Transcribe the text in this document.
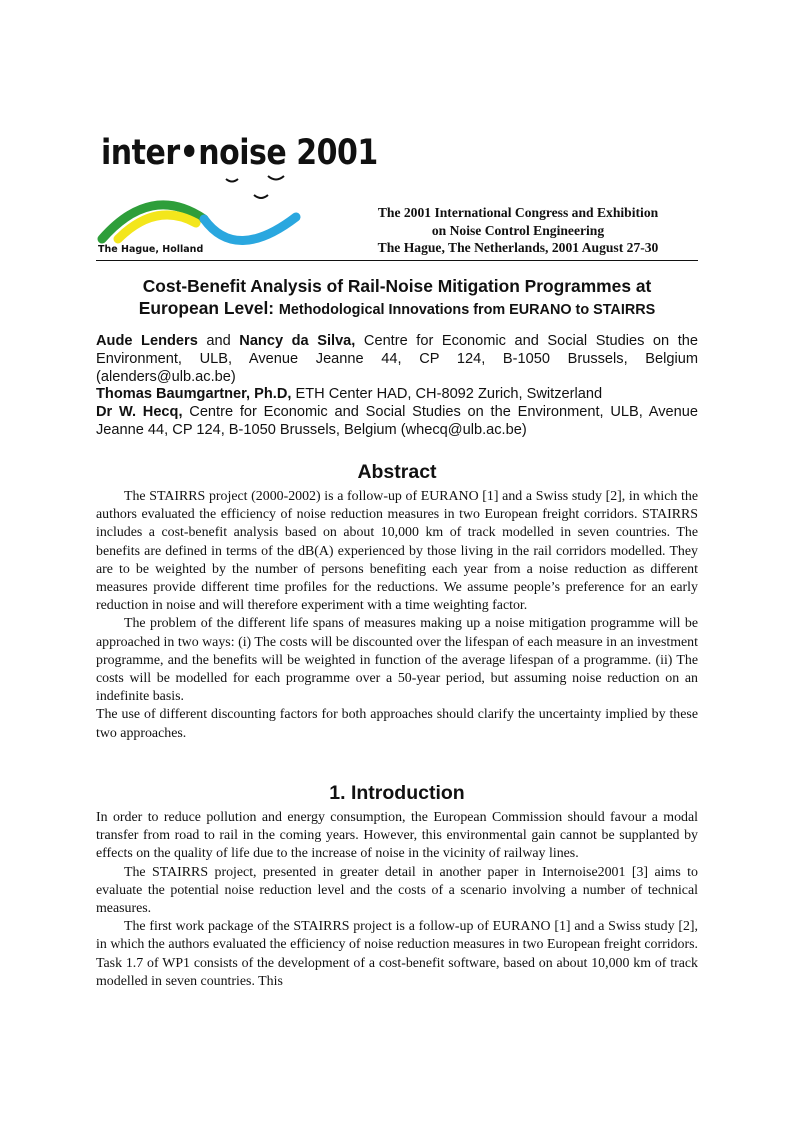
inter•noise 2001
The Hague, Holland
The 2001 International Congress and Exhibition
on Noise Control Engineering
The Hague, The Netherlands, 2001 August 27-30
Cost-Benefit Analysis of Rail-Noise Mitigation Programmes at
European Level: Methodological Innovations from EURANO to STAIRRS

Aude Lenders and Nancy da Silva, Centre for Economic and Social Studies on the Environment, ULB, Avenue Jeanne 44, CP 124, B-1050 Brussels, Belgium (alenders@ulb.ac.be)

Thomas Baumgartner, Ph.D, ETH Center HAD, CH-8092 Zurich, Switzerland

Dr W. Hecq, Centre for Economic and Social Studies on the Environment, ULB, Avenue Jeanne 44, CP 124, B-1050 Brussels, Belgium (whecq@ulb.ac.be)

Abstract

The STAIRRS project (2000-2002) is a follow-up of EURANO [1] and a Swiss study [2], in which the authors evaluated the efficiency of noise reduction measures in two European freight corridors. STAIRRS includes a cost-benefit analysis based on about 10,000 km of track modelled in seven countries. The benefits are defined in terms of the dB(A) experienced by those living in the rail corridors modelled. They are to be weighted by the number of persons benefiting each year from a noise reduction as different measures provide different time profiles for the reductions. We assume people’s preference for an early reduction in noise and will therefore experiment with a time weighting factor.

The problem of the different life spans of measures making up a noise mitigation programme will be approached in two ways: (i) The costs will be discounted over the lifespan of each measure in an investment programme, and the benefits will be weighted in function of the average lifespan of a programme. (ii) The costs will be modelled for each programme over a 50-year period, but assuming noise reduction on an indefinite basis.

The use of different discounting factors for both approaches should clarify the uncertainty implied by these two approaches.

1. Introduction

In order to reduce pollution and energy consumption, the European Commission should favour a modal transfer from road to rail in the coming years. However, this environmental gain cannot be supplanted by effects on the quality of life due to the increase of noise in the vicinity of railway lines.

The STAIRRS project, presented in greater detail in another paper in Internoise2001 [3] aims to evaluate the potential noise reduction level and the costs of a scenario involving a number of technical measures.

The first work package of the STAIRRS project is a follow-up of EURANO [1] and a Swiss study [2], in which the authors evaluated the efficiency of noise reduction measures in two European freight corridors. Task 1.7 of WP1 consists of the development of a cost-benefit software, based on about 10,000 km of track modelled in seven countries. This
